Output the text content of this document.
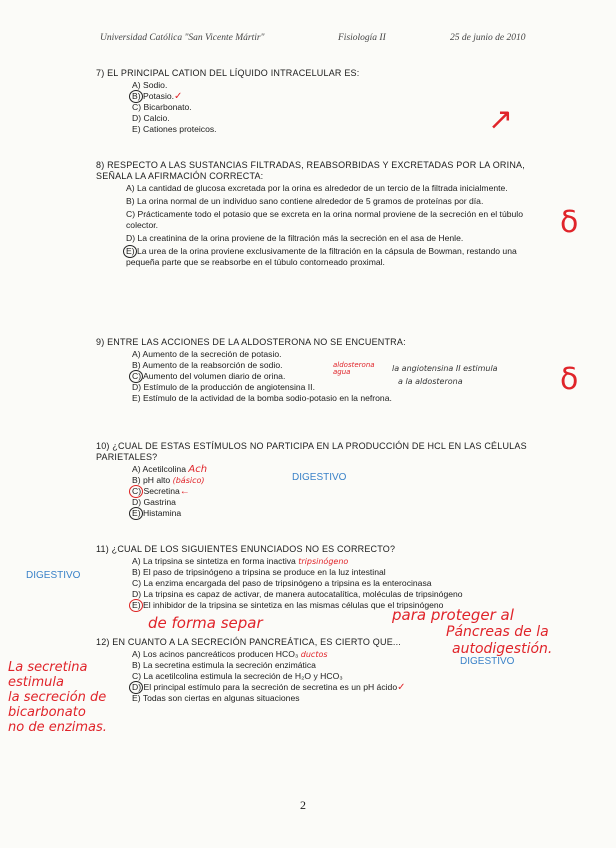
Universidad Católica "San Vicente Mártir"	Fisiología II	25 de junio de 2010
7) EL PRINCIPAL CATION DEL LÍQUIDO INTRACELULAR ES:
A) Sodio.
B) Potasio. ✓
C) Bicarbonato.
D) Calcio.
E) Cationes proteicos.	↗
8) RESPECTO A LAS SUSTANCIAS FILTRADAS, REABSORBIDAS Y EXCRETADAS POR LA ORINA, SEÑALA LA AFIRMACIÓN CORRECTA:
A) La cantidad de glucosa excretada por la orina es alrededor de un tercio de la filtrada inicialmente.
B) La orina normal de un individuo sano contiene alrededor de 5 gramos de proteínas por día.
C) Prácticamente todo el potasio que se excreta en la orina normal proviene de la secreción en el túbulo colector.
D) La creatinina de la orina proviene de la filtración más la secreción en el asa de Henle.
E) La urea de la orina proviene exclusivamente de la filtración en la cápsula de Bowman, restando una pequeña parte que se reabsorbe en el túbulo contorneado proximal.
δ
9) ENTRE LAS ACCIONES DE LA ALDOSTERONA NO SE ENCUENTRA:
A) Aumento de la secreción de potasio.
B) Aumento de la reabsorción de sodio.
C) Aumento del volumen diario de orina.
D) Estímulo de la producción de angiotensina II.
E) Estímulo de la actividad de la bomba sodio-potasio en la nefrona.
aldosterona agua	la angiotensina II estimula
a la aldosterona	δ
10) ¿CUAL DE ESTAS ESTÍMULOS NO PARTICIPA EN LA PRODUCCIÓN DE HCL EN LAS CÉLULAS PARIETALES?
A) Acetilcolina Ach
B) pH alto (básico)
C) Secretina ←
D) Gastrina
E) Histamina
DIGESTIVO
11) ¿CUAL DE LOS SIGUIENTES ENUNCIADOS NO ES CORRECTO?
A) La tripsina se sintetiza en forma inactiva tripsinógeno
B) El paso de tripsinógeno a tripsina se produce en la luz intestinal
C) La enzima encargada del paso de tripsinógeno a tripsina es la enterocinasa
D) La tripsina es capaz de activar, de manera autocatalítica, moléculas de tripsinógeno
E) El inhibidor de la tripsina se sintetiza en las mismas células que el tripsinógeno
DIGESTIVO
de forma separ	para proteger al
Páncreas de la
autodigestión.
12) EN CUANTO A LA SECRECIÓN PANCREÁTICA, ES CIERTO QUE...
A) Los acinos pancreáticos producen HCO₃ ductos
B) La secretina estimula la secreción enzimática
C) La acetilcolina estimula la secreción de H₂O y HCO₃
D) El principal estímulo para la secreción de secretina es un pH ácido ✓
E) Todas son ciertas en algunas situaciones
DIGESTIVO
La secretina
estimula
la secreción de
bicarbonato
no de enzimas.
2
